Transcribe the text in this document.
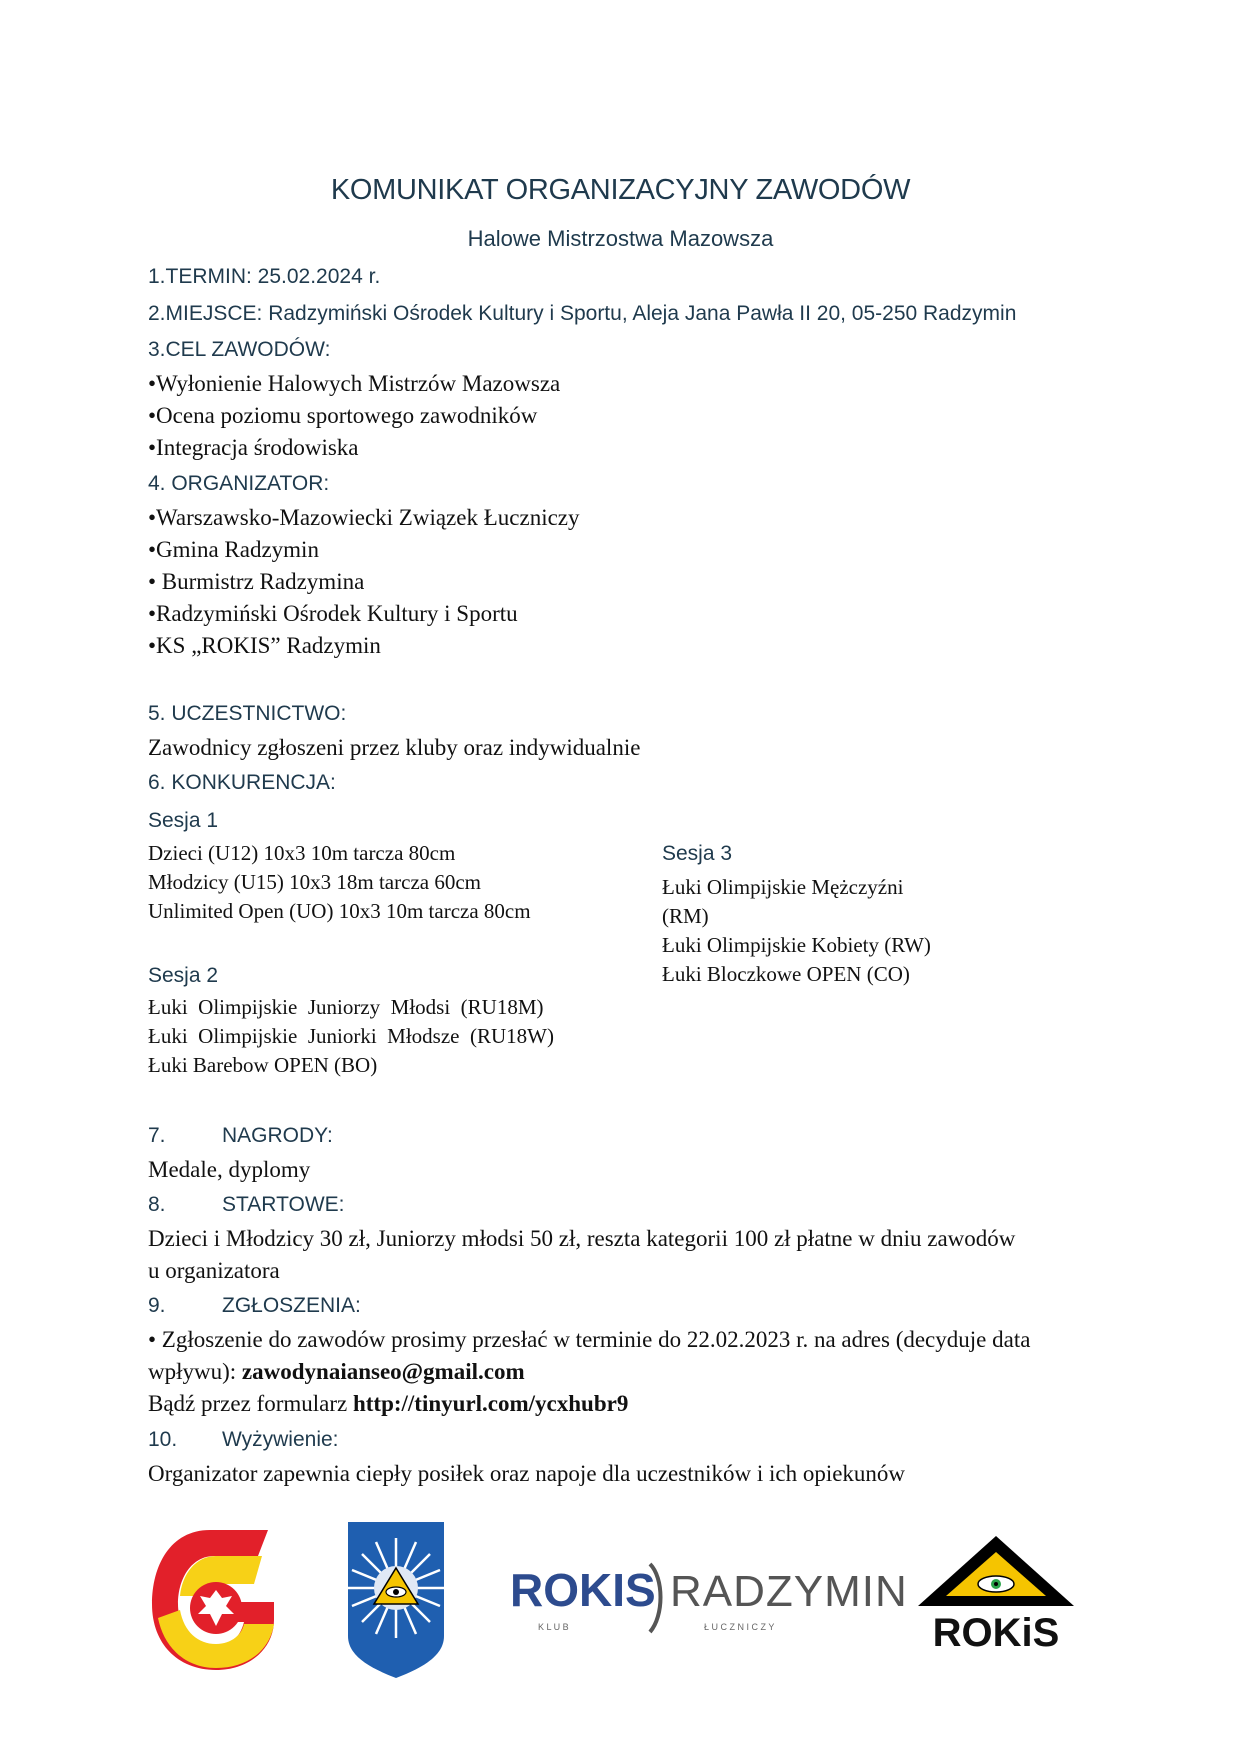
KOMUNIKAT ORGANIZACYJNY ZAWODÓW
Halowe Mistrzostwa Mazowsza
1.TERMIN: 25.02.2024 r.
2.MIEJSCE: Radzymiński Ośrodek Kultury i Sportu, Aleja Jana Pawła II 20, 05-250 Radzymin
3.CEL ZAWODÓW:
•Wyłonienie Halowych Mistrzów Mazowsza
•Ocena poziomu sportowego zawodników
•Integracja środowiska
4. ORGANIZATOR:
•Warszawsko-Mazowiecki Związek Łuczniczy
•Gmina Radzymin
• Burmistrz Radzymina
•Radzymiński Ośrodek Kultury i Sportu
•KS „ROKIS” Radzymin
5. UCZESTNICTWO:
Zawodnicy zgłoszeni przez kluby oraz indywidualnie
6. KONKURENCJA:
Sesja 1
Dzieci (U12) 10x3 10m tarcza 80cm
Młodzicy (U15) 10x3 18m tarcza 60cm
Unlimited Open (UO) 10x3 10m tarcza 80cm
Sesja 2
Łuki  Olimpijskie  Juniorzy  Młodsi  (RU18M)
Łuki  Olimpijskie  Juniorki  Młodsze  (RU18W)
Łuki Barebow OPEN (BO)
Sesja 3
Łuki Olimpijskie Mężczyźni
(RM)
Łuki Olimpijskie Kobiety (RW)
Łuki Bloczkowe OPEN (CO)
7.	NAGRODY:
Medale, dyplomy
8.	STARTOWE:
Dzieci i Młodzicy 30 zł, Juniorzy młodsi 50 zł, reszta kategorii 100 zł płatne w dniu zawodów
u organizatora
9.	ZGŁOSZENIA:
• Zgłoszenie do zawodów prosimy przesłać w terminie do 22.02.2023 r. na adres (decyduje data
wpływu): zawodynaianseo@gmail.com
Bądź przez formularz http://tinyurl.com/ycxhubr9
10. Wyżywienie:
Organizator zapewnia ciepły posiłek oraz napoje dla uczestników i ich opiekunów
ROKIS RADZYMIN
K L U B	Ł U C Z N I C Z Y	ROKiS
